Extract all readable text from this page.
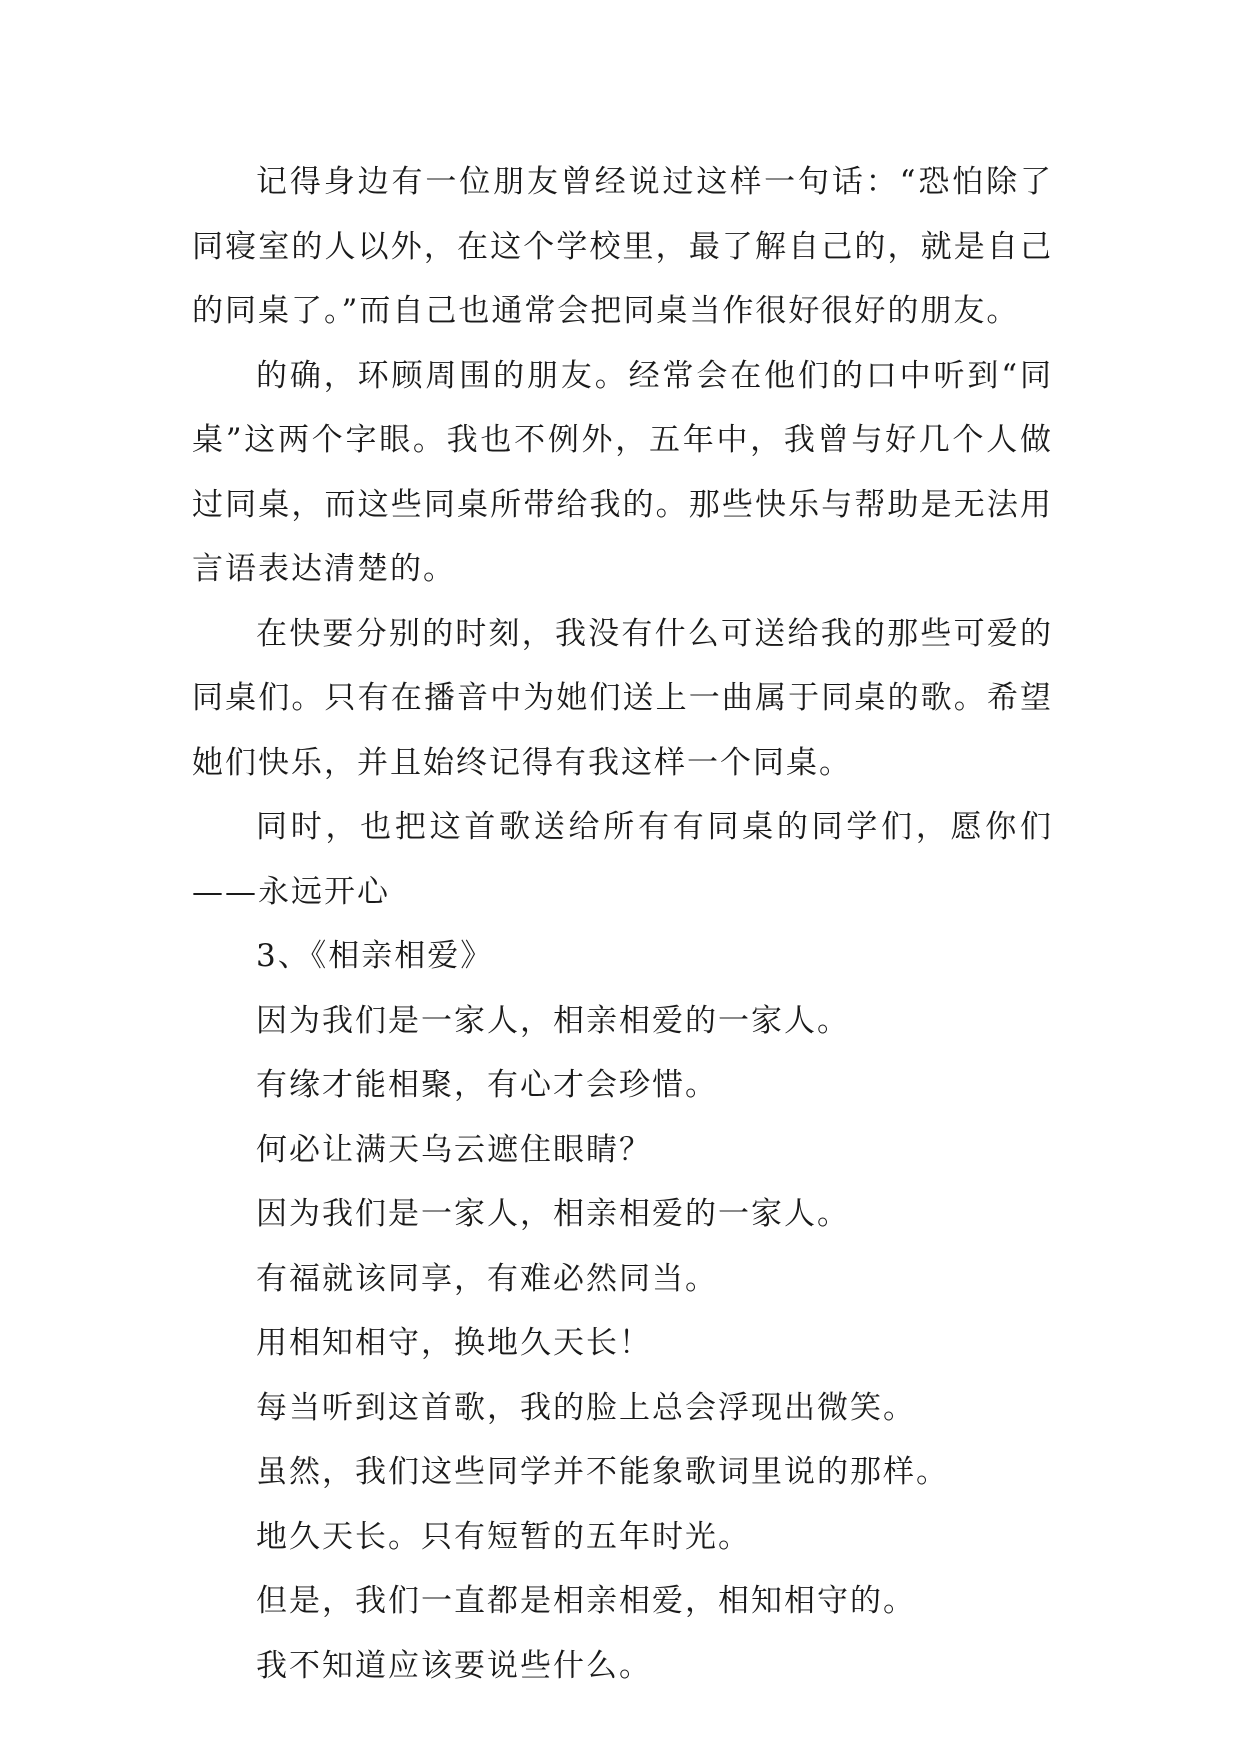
记得身边有一位朋友曾经说过这样一句话：“恐怕除了同寝室的人以外，在这个学校里，最了解自己的，就是自己的同桌了。”而自己也通常会把同桌当作很好很好的朋友。

的确，环顾周围的朋友。经常会在他们的口中听到“同桌”这两个字眼。我也不例外，五年中，我曾与好几个人做过同桌，而这些同桌所带给我的。那些快乐与帮助是无法用言语表达清楚的。

在快要分别的时刻，我没有什么可送给我的那些可爱的同桌们。只有在播音中为她们送上一曲属于同桌的歌。希望她们快乐，并且始终记得有我这样一个同桌。

同时，也把这首歌送给所有有同桌的同学们，愿你们——永远开心

3、《相亲相爱》

因为我们是一家人，相亲相爱的一家人。

有缘才能相聚，有心才会珍惜。

何必让满天乌云遮住眼睛？

因为我们是一家人，相亲相爱的一家人。

有福就该同享，有难必然同当。

用相知相守，换地久天长！

每当听到这首歌，我的脸上总会浮现出微笑。

虽然，我们这些同学并不能象歌词里说的那样。

地久天长。只有短暂的五年时光。

但是，我们一直都是相亲相爱，相知相守的。

我不知道应该要说些什么。
